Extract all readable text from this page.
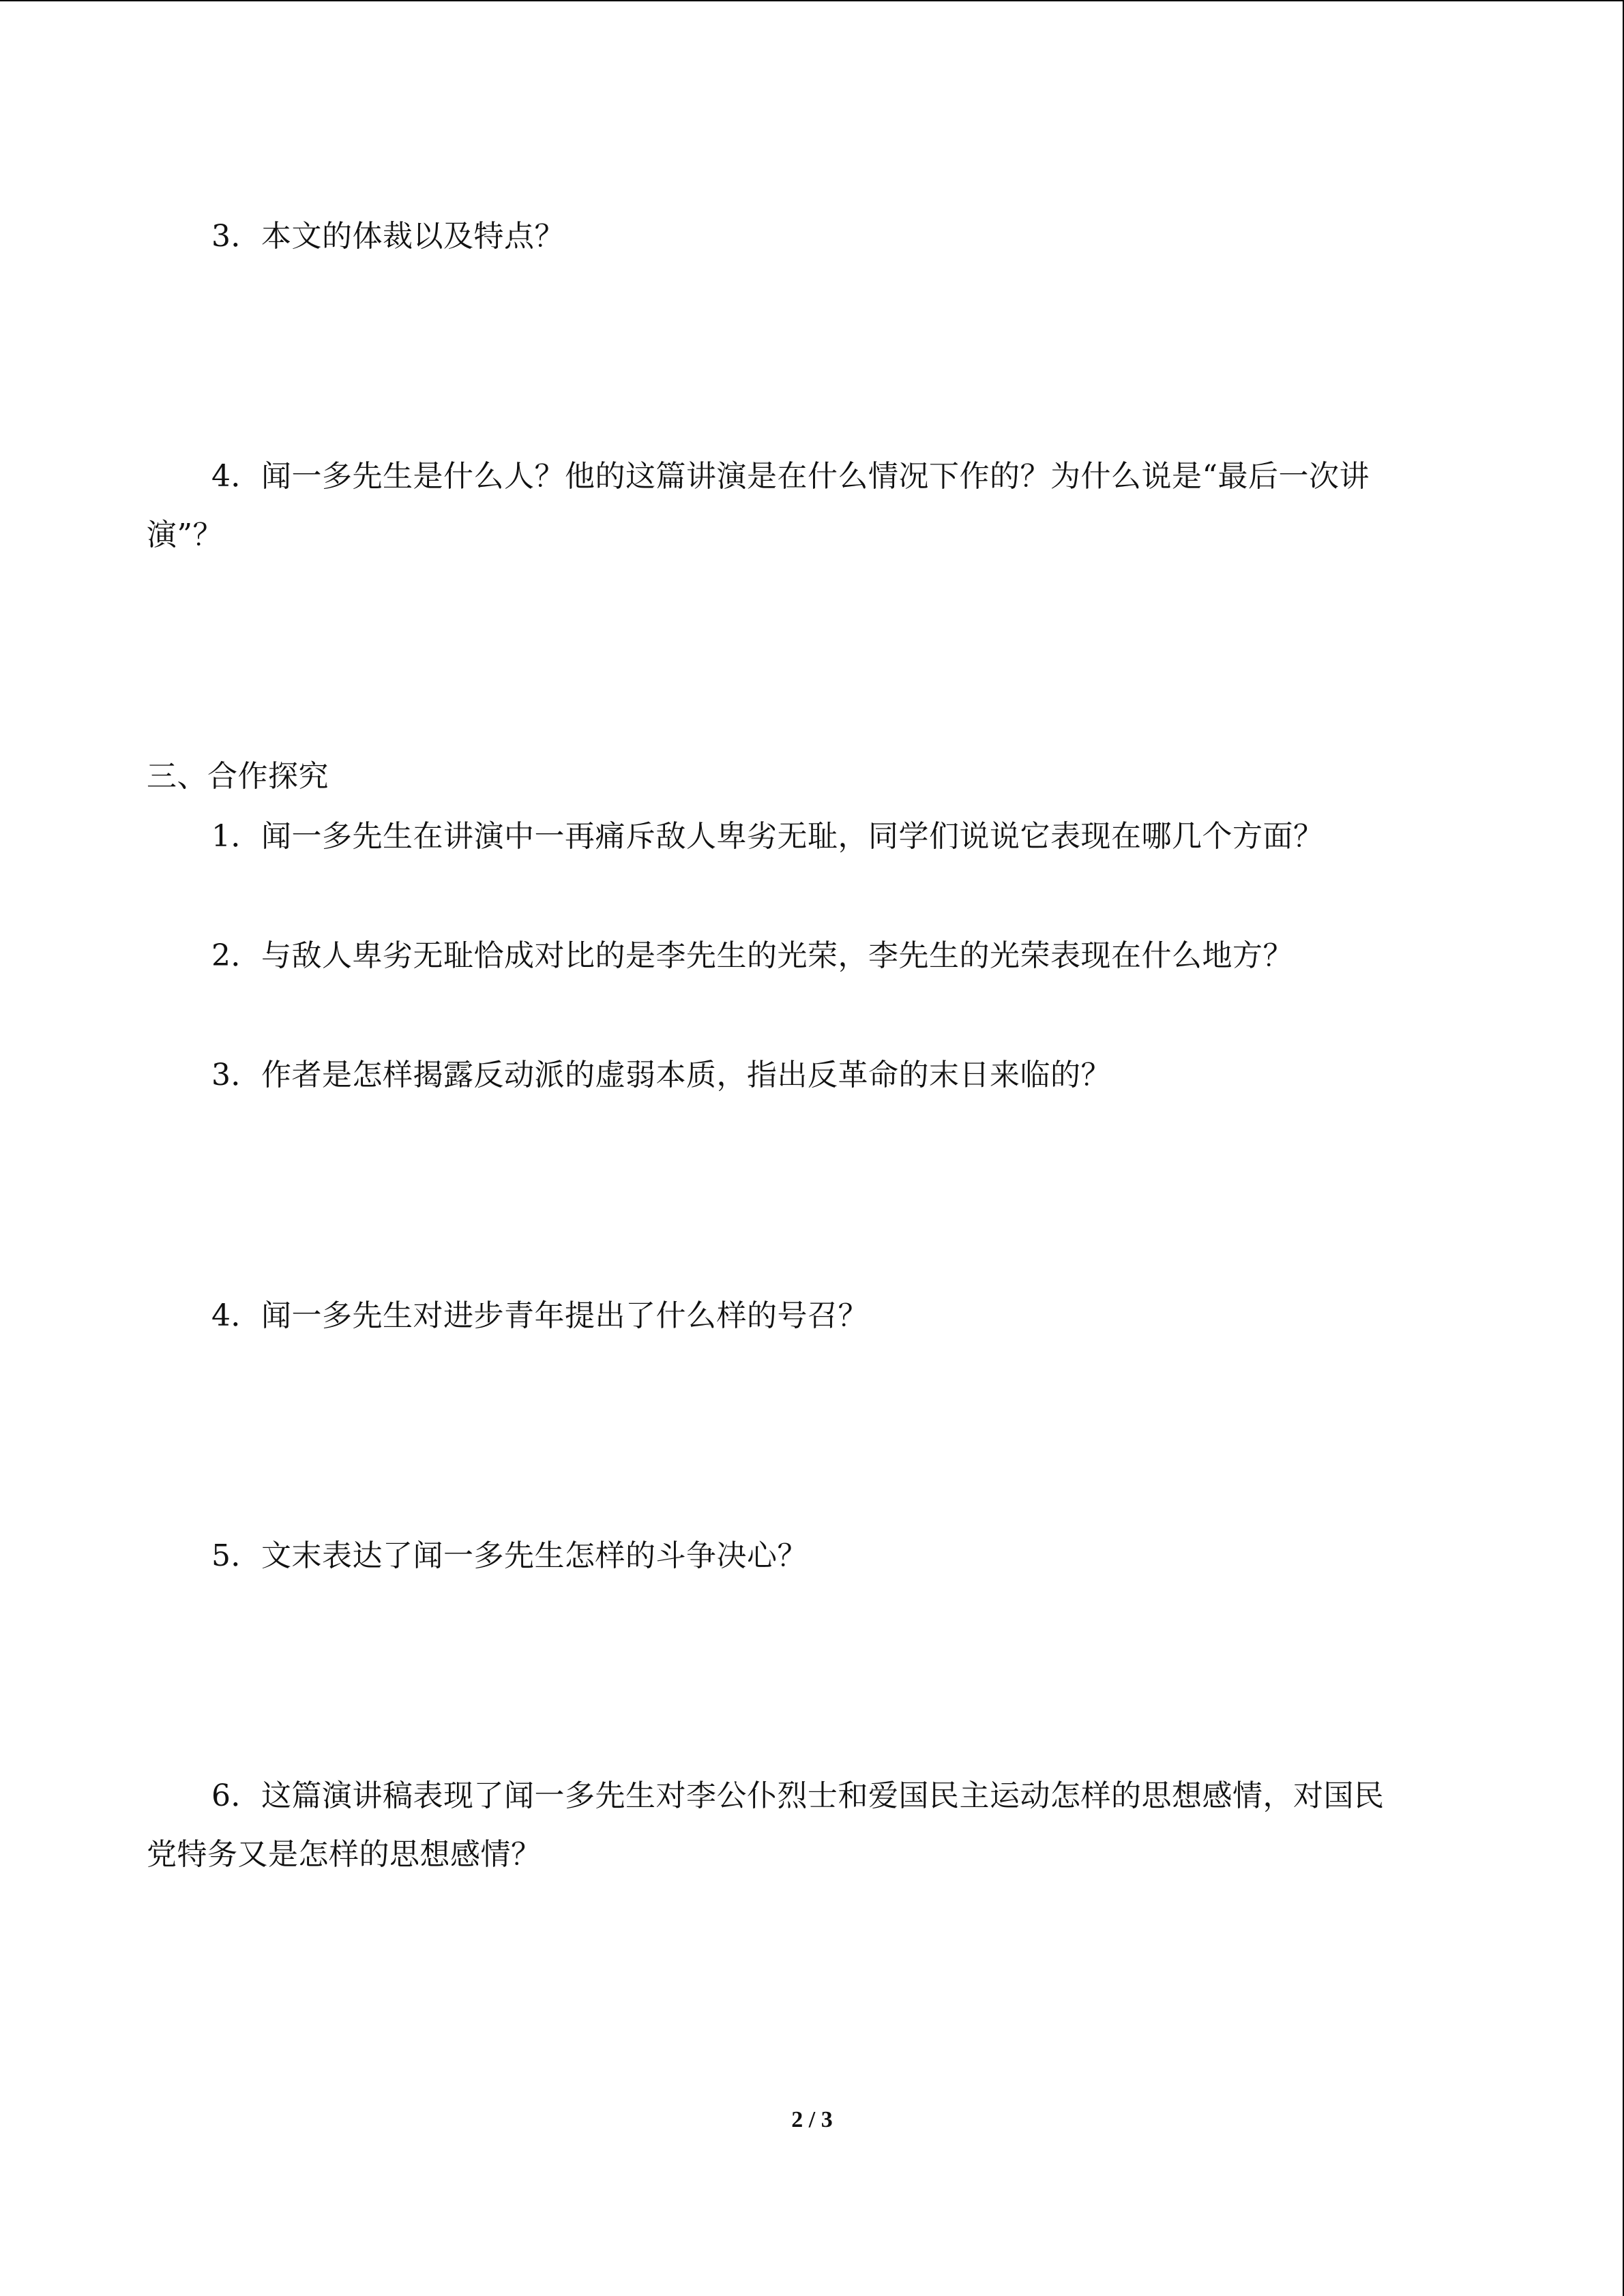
3．本文的体裁以及特点？
4．闻一多先生是什么人？他的这篇讲演是在什么情况下作的？为什么说是“最后一次讲
演”？
三、合作探究
1．闻一多先生在讲演中一再痛斥敌人卑劣无耻，同学们说说它表现在哪几个方面？
2．与敌人卑劣无耻恰成对比的是李先生的光荣，李先生的光荣表现在什么地方？
3．作者是怎样揭露反动派的虚弱本质，指出反革命的末日来临的？
4．闻一多先生对进步青年提出了什么样的号召？
5．文末表达了闻一多先生怎样的斗争决心？
6．这篇演讲稿表现了闻一多先生对李公仆烈士和爱国民主运动怎样的思想感情，对国民
党特务又是怎样的思想感情？
2 / 3
